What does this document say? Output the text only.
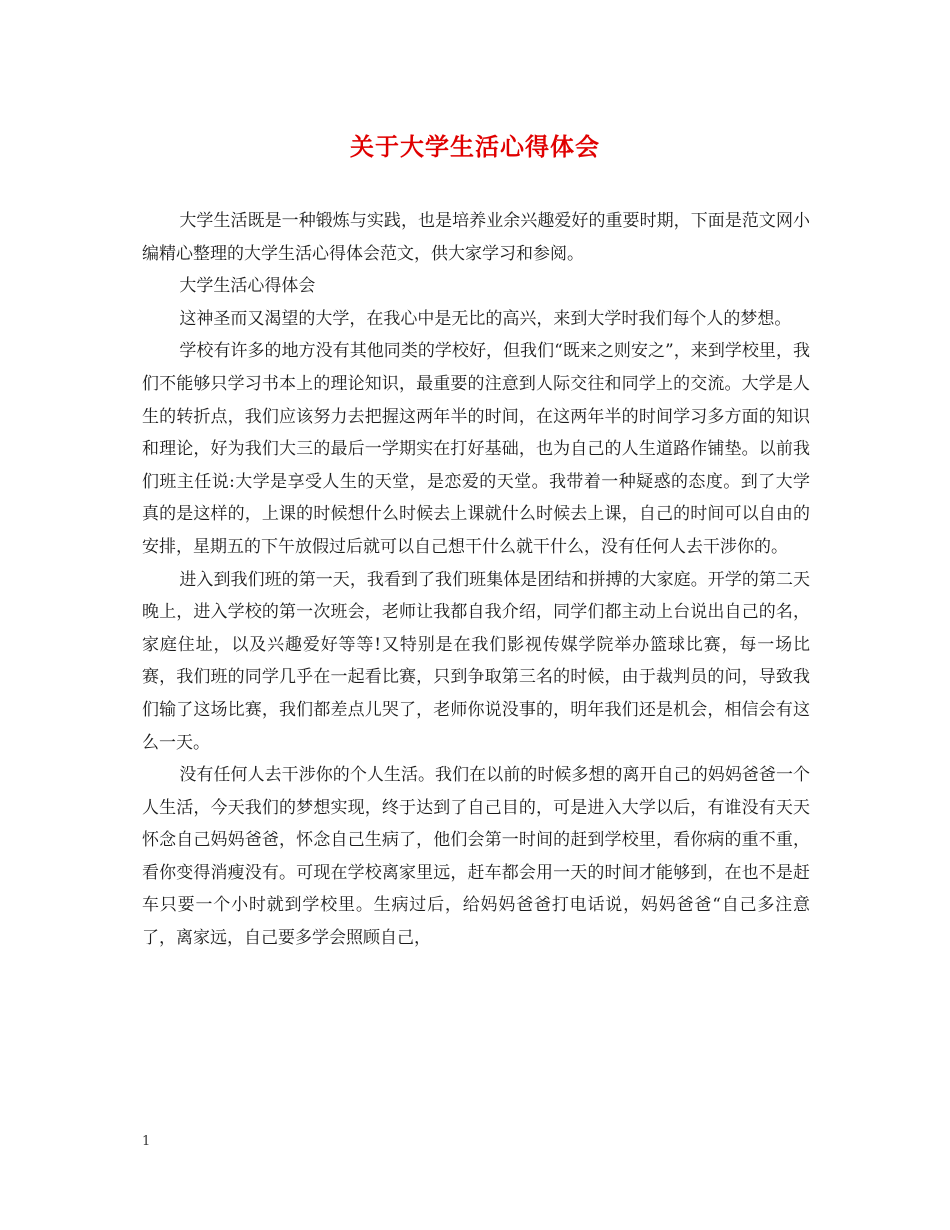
关于大学生活心得体会

大学生活既是一种锻炼与实践，也是培养业余兴趣爱好的重要时期，下面是范文网小编精心整理的大学生活心得体会范文，供大家学习和参阅。

大学生活心得体会

这神圣而又渴望的大学，在我心中是无比的高兴，来到大学时我们每个人的梦想。

学校有许多的地方没有其他同类的学校好，但我们“既来之则安之”，来到学校里，我们不能够只学习书本上的理论知识，最重要的注意到人际交往和同学上的交流。大学是人生的转折点，我们应该努力去把握这两年半的时间，在这两年半的时间学习多方面的知识和理论，好为我们大三的最后一学期实在打好基础，也为自己的人生道路作铺垫。以前我们班主任说:大学是享受人生的天堂，是恋爱的天堂。我带着一种疑惑的态度。到了大学真的是这样的，上课的时候想什么时候去上课就什么时候去上课，自己的时间可以自由的安排，星期五的下午放假过后就可以自己想干什么就干什么，没有任何人去干涉你的。

进入到我们班的第一天，我看到了我们班集体是团结和拼搏的大家庭。开学的第二天晚上，进入学校的第一次班会，老师让我都自我介绍，同学们都主动上台说出自己的名，家庭住址，以及兴趣爱好等等!又特别是在我们影视传媒学院举办篮球比赛，每一场比赛，我们班的同学几乎在一起看比赛，只到争取第三名的时候，由于裁判员的问，导致我们输了这场比赛，我们都差点儿哭了，老师你说没事的，明年我们还是机会，相信会有这么一天。

没有任何人去干涉你的个人生活。我们在以前的时候多想的离开自己的妈妈爸爸一个人生活，今天我们的梦想实现，终于达到了自己目的，可是进入大学以后，有谁没有天天怀念自己妈妈爸爸，怀念自己生病了，他们会第一时间的赶到学校里，看你病的重不重，看你变得消瘦没有。可现在学校离家里远，赶车都会用一天的时间才能够到，在也不是赶车只要一个小时就到学校里。生病过后，给妈妈爸爸打电话说，妈妈爸爸“自己多注意了，离家远，自己要多学会照顾自己，

1
